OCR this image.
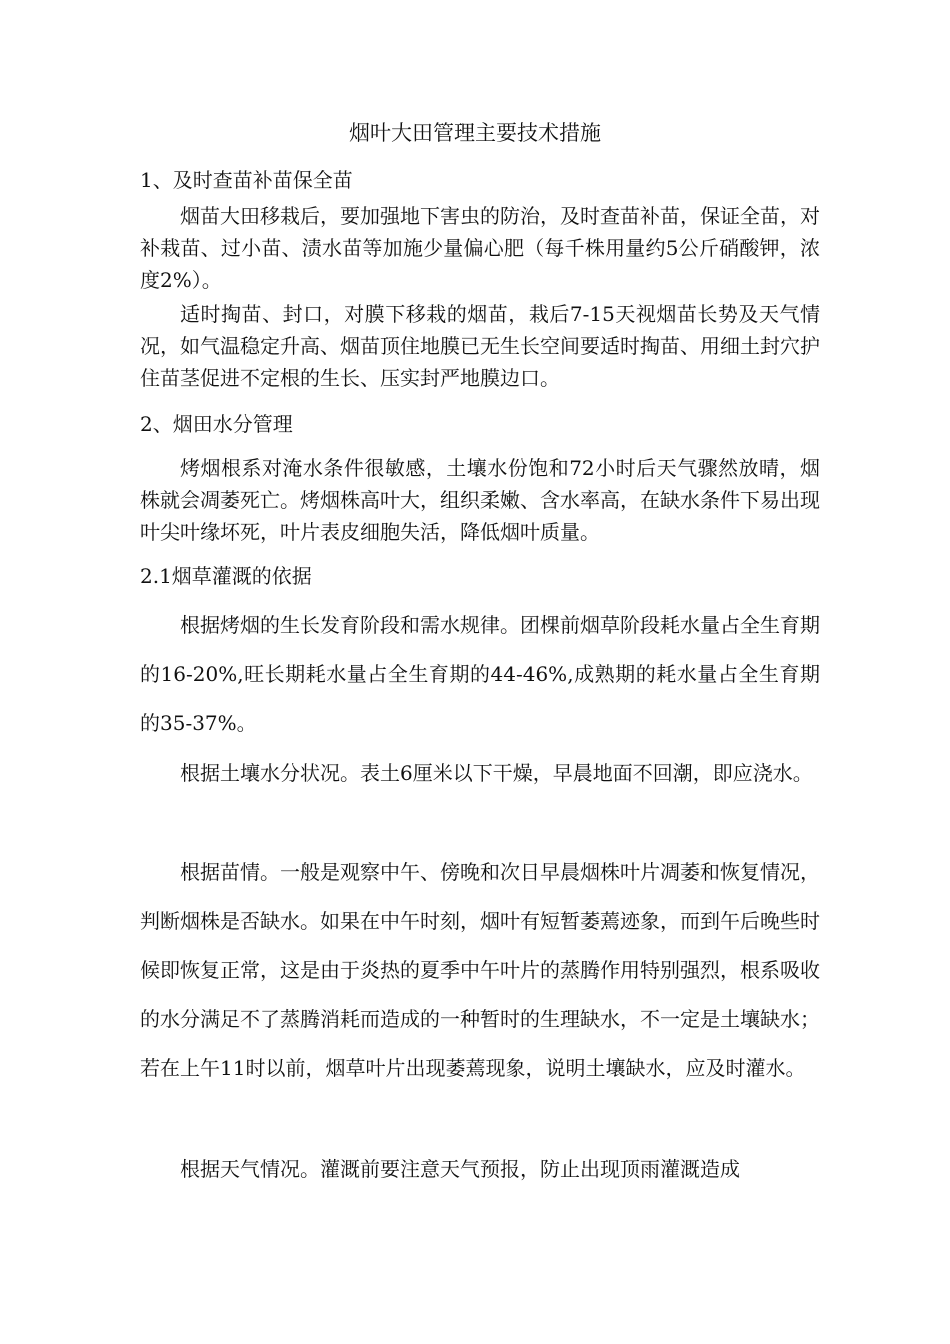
烟叶大田管理主要技术措施
1、及时查苗补苗保全苗

烟苗大田移栽后，要加强地下害虫的防治，及时查苗补苗，保证全苗，对补栽苗、过小苗、渍水苗等加施少量偏心肥（每千株用量约5公斤硝酸钾，浓度2%）。

适时掏苗、封口，对膜下移栽的烟苗，栽后7-15天视烟苗长势及天气情况，如气温稳定升高、烟苗顶住地膜已无生长空间要适时掏苗、用细土封穴护住苗茎促进不定根的生长、压实封严地膜边口。

2、烟田水分管理

烤烟根系对淹水条件很敏感，土壤水份饱和72小时后天气骤然放晴，烟株就会凋萎死亡。烤烟株高叶大，组织柔嫩、含水率高，在缺水条件下易出现叶尖叶缘坏死，叶片表皮细胞失活，降低烟叶质量。

2.1烟草灌溉的依据

根据烤烟的生长发育阶段和需水规律。团棵前烟草阶段耗水量占全生育期的16-20%,旺长期耗水量占全生育期的44-46%,成熟期的耗水量占全生育期的35-37%。

根据土壤水分状况。表土6厘米以下干燥，早晨地面不回潮，即应浇水。

根据苗情。一般是观察中午、傍晚和次日早晨烟株叶片凋萎和恢复情况，判断烟株是否缺水。如果在中午时刻，烟叶有短暂萎蔫迹象，而到午后晚些时候即恢复正常，这是由于炎热的夏季中午叶片的蒸腾作用特别强烈，根系吸收的水分满足不了蒸腾消耗而造成的一种暂时的生理缺水，不一定是土壤缺水；若在上午11时以前，烟草叶片出现萎蔫现象，说明土壤缺水，应及时灌水。

根据天气情况。灌溉前要注意天气预报，防止出现顶雨灌溉造成
